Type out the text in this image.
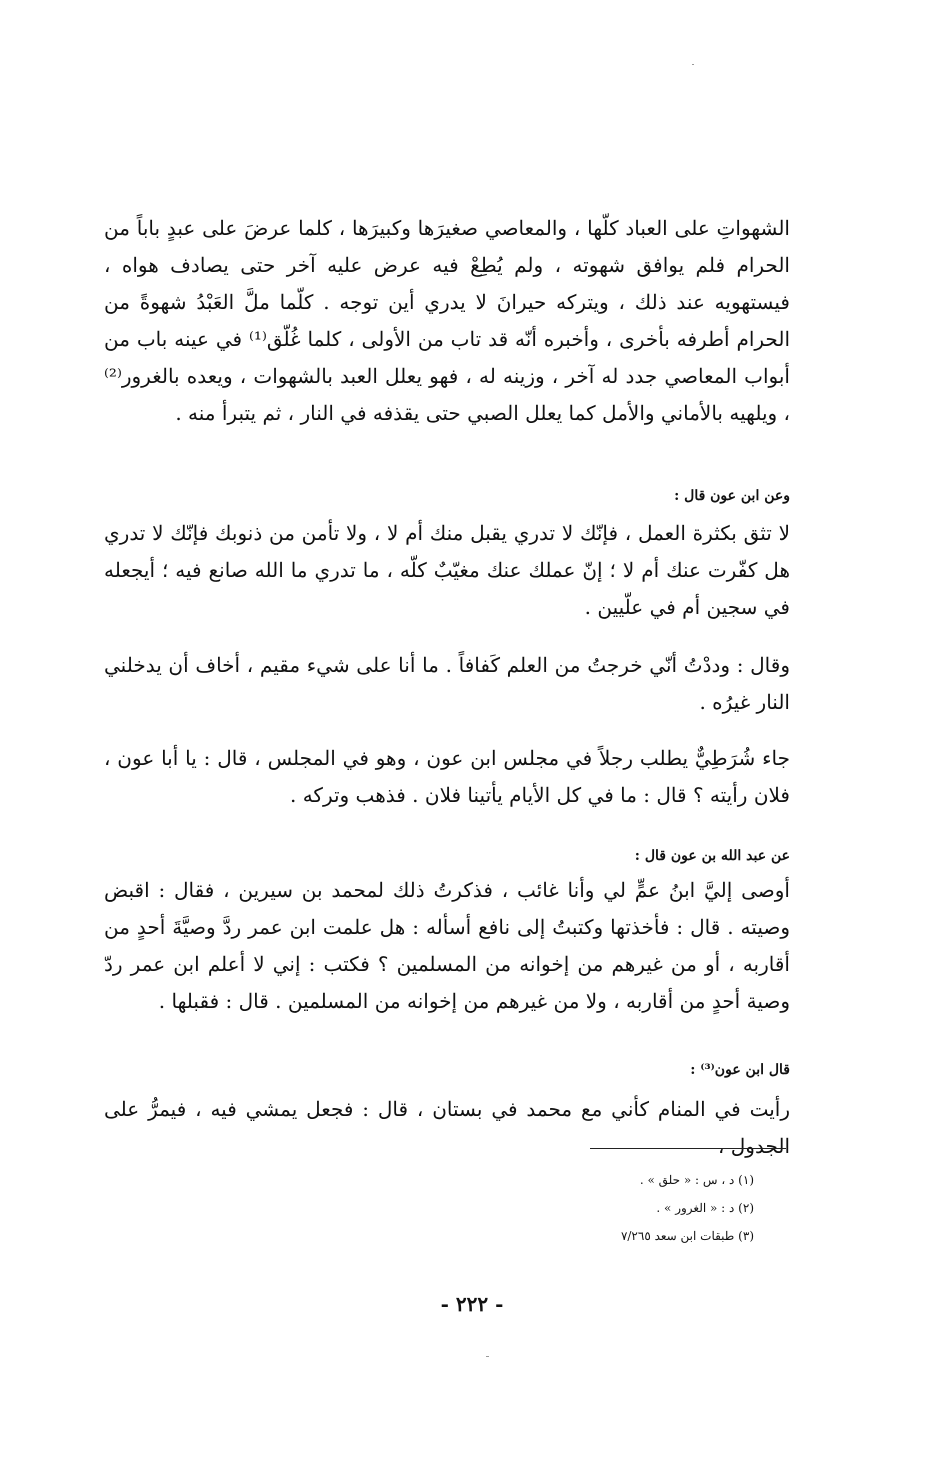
الشهواتِ على العباد كلّها ، والمعاصي صغيرَها وكبيرَها ، كلما عرضَ على عبدٍ باباً من الحرام فلم يوافق شهوته ، ولم يُطِعْ فيه عرض عليه آخر حتى يصادف هواه ، فيستهويه عند ذلك ، ويتركه حيرانَ لا يدري أين توجه . كلّما ملَّ العَبْدُ شهوةً من الحرام أطرفه بأخرى ، وأخبره أنّه قد تاب من الأولى ، كلما غُلّق⁽¹⁾ في عينه باب من أبواب المعاصي جدد له آخر ، وزينه له ، فهو يعلل العبد بالشهوات ، ويعده بالغرور⁽²⁾ ، ويلهيه بالأماني والأمل كما يعلل الصبي حتى يقذفه في النار ، ثم يتبرأ منه .

وعن ابن عون قال :

لا تثق بكثرة العمل ، فإنّك لا تدري يقبل منك أم لا ، ولا تأمن من ذنوبك فإنّك لا تدري هل كفّرت عنك أم لا ؛ إنّ عملك عنك مغيّبٌ كلّه ، ما تدري ما الله صانع فيه ؛ أيجعله في سجين أم في علّيين .

وقال : وددْتُ أنّي خرجتُ من العلم كَفافاً . ما أنا على شيء مقيم ، أخاف أن يدخلني النار غيرُه .

جاء شُرَطِيٌّ يطلب رجلاً في مجلس ابن عون ، وهو في المجلس ، قال : يا أبا عون ، فلان رأيته ؟ قال : ما في كل الأيام يأتينا فلان . فذهب وتركه .

عن عبد الله بن عون قال :

أوصى إليَّ ابنُ عمٍّ لي وأنا غائب ، فذكرتُ ذلك لمحمد بن سيرين ، فقال : اقبض وصيته . قال : فأخذتها وكتبتُ إلى نافع أسأله : هل علمت ابن عمر ردَّ وصيَّةَ أحدٍ من أقاربه ، أو من غيرهم من إخوانه من المسلمين ؟ فكتب : إني لا أعلم ابن عمر ردّ وصية أحدٍ من أقاربه ، ولا من غيرهم من إخوانه من المسلمين . قال : فقبلها .

قال ابن عون⁽³⁾ :

رأيت في المنام كأني مع محمد في بستان ، قال : فجعل يمشي فيه ، فيمرُّ على الجدول ،

(١) د ، س : « حلق » .

(٢) د : « الغرور » .

(٣) طبقات ابن سعد ٧/٢٦٥

- ٢٢٢ -
